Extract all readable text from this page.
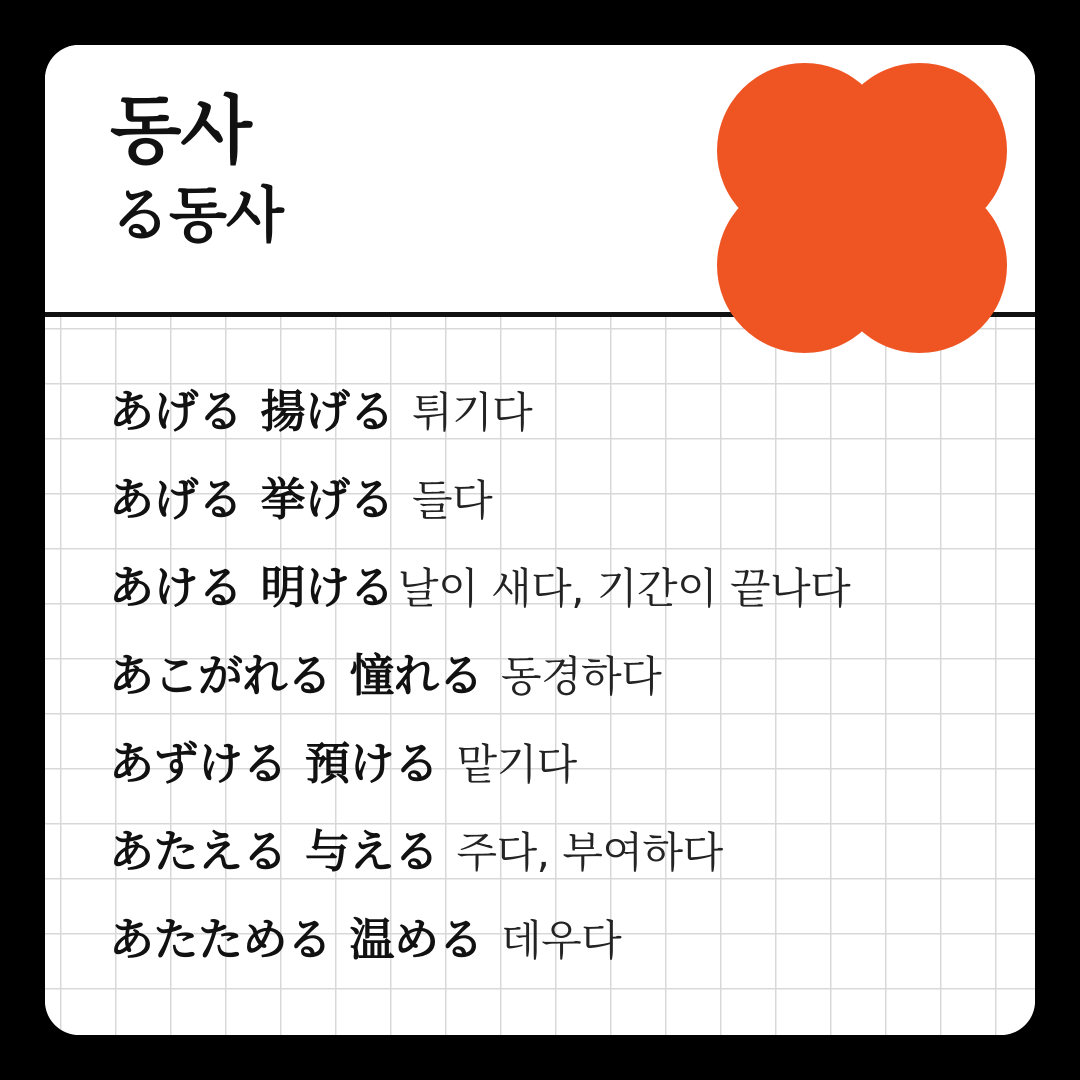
동사
る동사
あげる 揚げる 튀기다
あげる 挙げる 들다
あける 明ける 날이 새다, 기간이 끝나다
あこがれる 憧れる 동경하다
あずける 預ける 맡기다
あたえる 与える 주다, 부여하다
あたためる 温める 데우다
